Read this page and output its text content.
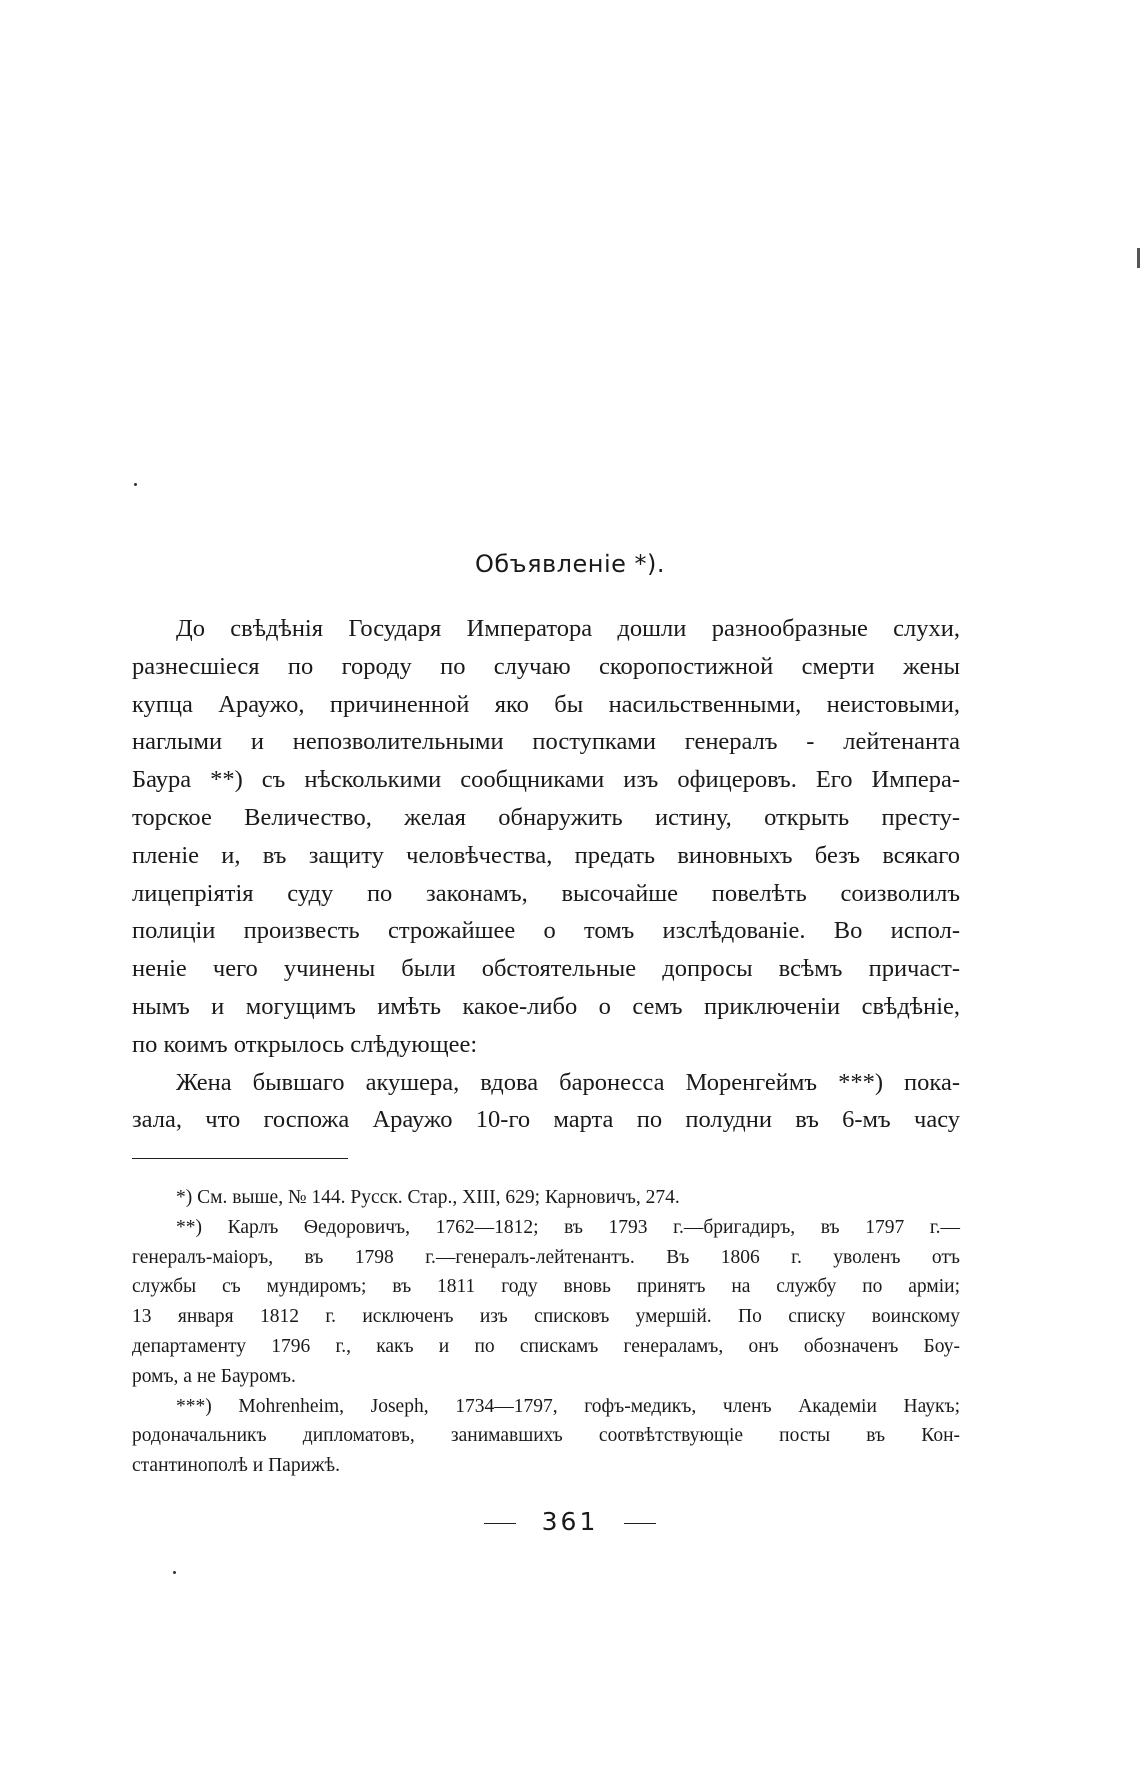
Объявленіе *).
До свѣдѣнія Государя Императора дошли разнообразные слухи,
разнесшіеся по городу по случаю скоропостижной смерти жены
купца Араужо, причиненной яко бы насильственными, неистовыми,
наглыми и непозволительными поступками генералъ - лейтенанта
Баура **) съ нѣсколькими сообщниками изъ офицеровъ. Его Импера-
торское Величество, желая обнаружить истину, открыть престу-
пленіе и, въ защиту человѣчества, предать виновныхъ безъ всякаго
лицепріятія суду по законамъ, высочайше повелѣть соизволилъ
полиціи произвесть строжайшее о томъ изслѣдованіе. Во испол-
неніе чего учинены были обстоятельные допросы всѣмъ причаст-
нымъ и могущимъ имѣть какое-либо о семъ приключеніи свѣдѣніе,
по коимъ открылось слѣдующее:
Жена бывшаго акушера, вдова баронесса Моренгеймъ ***) пока-
зала, что госпожа Араужо 10-го марта по полудни въ 6-мъ часу
*) См. выше, № 144. Русск. Стар., XIII, 629; Карновичъ, 274.
**) Карлъ Ѳедоровичъ, 1762—1812; въ 1793 г.—бригадиръ, въ 1797 г.—
генералъ-маіоръ, въ 1798 г.—генералъ-лейтенантъ. Въ 1806 г. уволенъ отъ
службы съ мундиромъ; въ 1811 году вновь принятъ на службу по арміи;
13 января 1812 г. исключенъ изъ списковъ умершій. По списку воинскому
департаменту 1796 г., какъ и по спискамъ генераламъ, онъ обозначенъ Боу-
ромъ, а не Бауромъ.
***) Mohrenheim, Joseph, 1734—1797, гофъ-медикъ, членъ Академіи Наукъ;
родоначальникъ дипломатовъ, занимавшихъ соотвѣтствующіе посты въ Кон-
стантинополѣ и Парижѣ.
361
